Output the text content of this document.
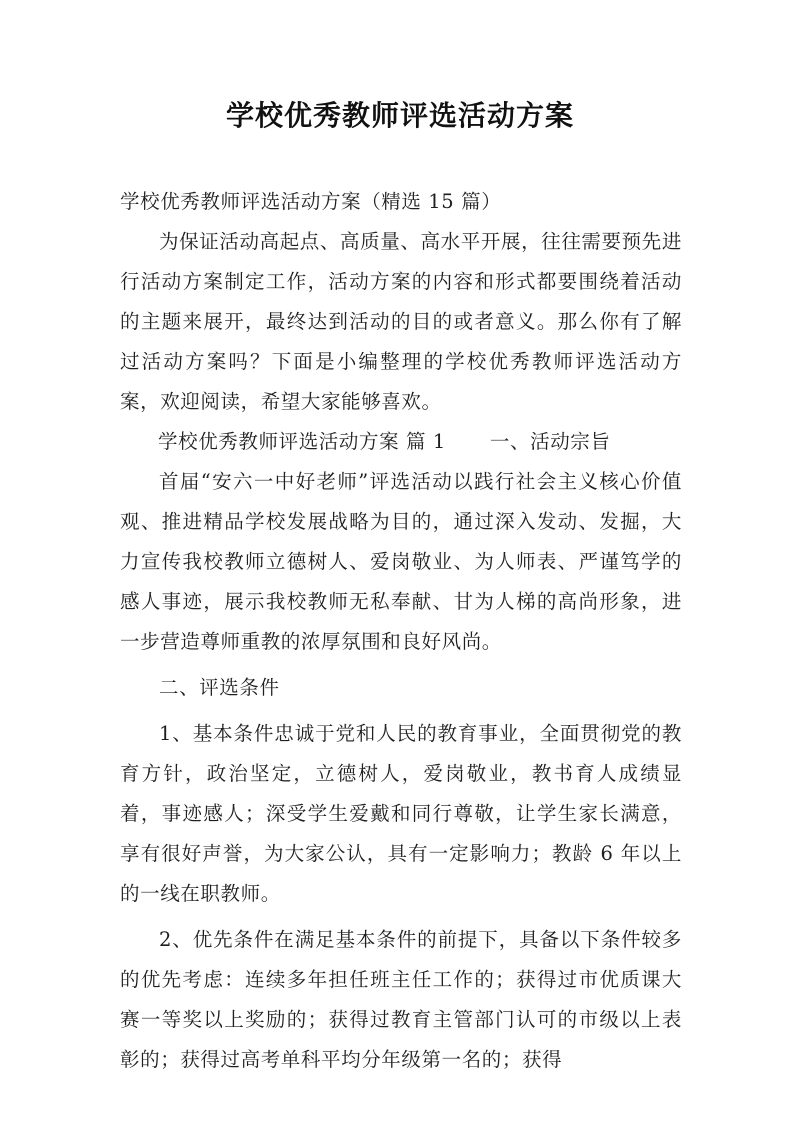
学校优秀教师评选活动方案

学校优秀教师评选活动方案（精选 15 篇）

为保证活动高起点、高质量、高水平开展，往往需要预先进行活动方案制定工作，活动方案的内容和形式都要围绕着活动的主题来展开，最终达到活动的目的或者意义。那么你有了解过活动方案吗？下面是小编整理的学校优秀教师评选活动方案，欢迎阅读，希望大家能够喜欢。

学校优秀教师评选活动方案 篇 1 一、活动宗旨

首届“安六一中好老师”评选活动以践行社会主义核心价值观、推进精品学校发展战略为目的，通过深入发动、发掘，大力宣传我校教师立德树人、爱岗敬业、为人师表、严谨笃学的感人事迹，展示我校教师无私奉献、甘为人梯的高尚形象，进一步营造尊师重教的浓厚氛围和良好风尚。

二、评选条件

1、基本条件忠诚于党和人民的教育事业，全面贯彻党的教育方针，政治坚定，立德树人，爱岗敬业，教书育人成绩显着，事迹感人；深受学生爱戴和同行尊敬，让学生家长满意，享有很好声誉，为大家公认，具有一定影响力；教龄 6 年以上的一线在职教师。

2、优先条件在满足基本条件的前提下，具备以下条件较多的优先考虑：连续多年担任班主任工作的；获得过市优质课大赛一等奖以上奖励的；获得过教育主管部门认可的市级以上表彰的；获得过高考单科平均分年级第一名的；获得
